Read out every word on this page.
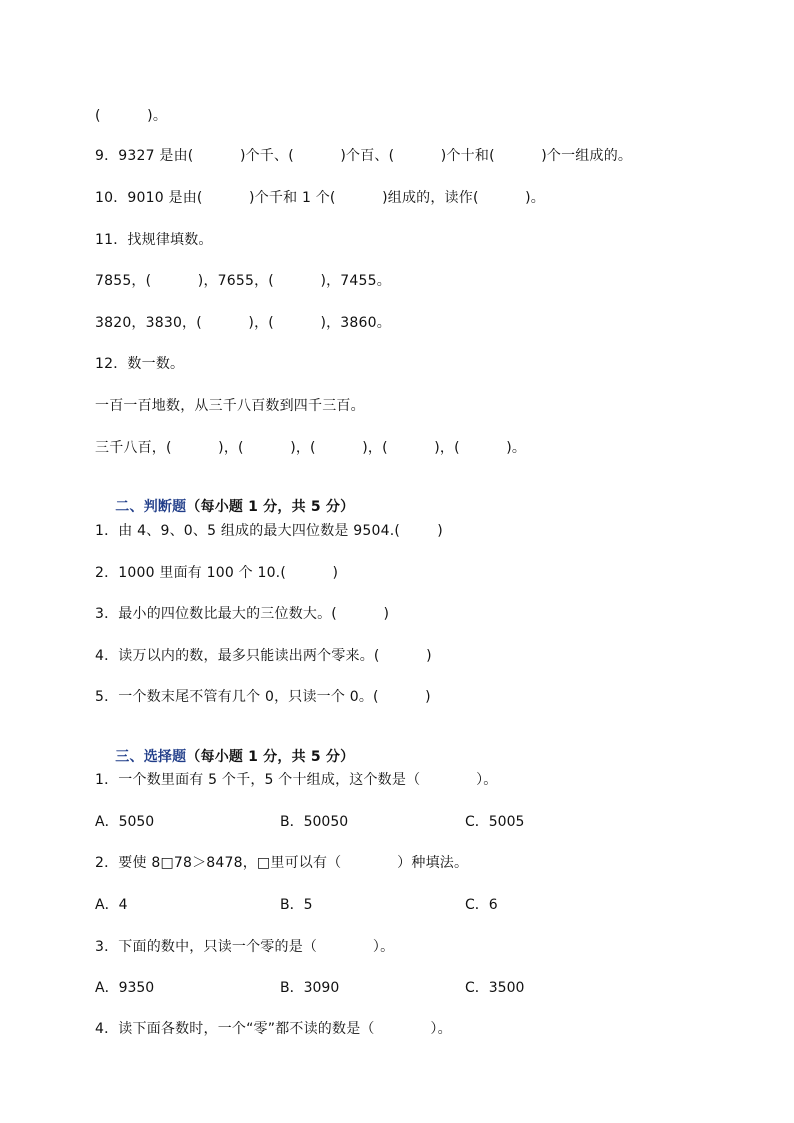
(          )。
9．9327 是由(          )个千、(          )个百、(          )个十和(          )个一组成的。
10．9010 是由(          )个千和 1 个(          )组成的，读作(          )。
11．找规律填数。
7855，(          )，7655，(          )，7455。
3820，3830，(          )，(          )，3860。
12．数一数。
一百一百地数，从三千八百数到四千三百。
三千八百，(          )，(          )，(          )，(          )，(          )。

二、判断题（每小题 1 分，共 5 分）

1．由 4、9、0、5 组成的最大四位数是 9504.(        )
2．1000 里面有 100 个 10.(          )
3．最小的四位数比最大的三位数大。(          )
4．读万以内的数，最多只能读出两个零来。(          )
5．一个数末尾不管有几个 0，只读一个 0。(          )

三、选择题（每小题 1 分，共 5 分）

1．一个数里面有 5 个千，5 个十组成，这个数是（            ）。
A．5050	B．50050	C．5005
2．要使 8□78＞8478，□里可以有（            ）种填法。
A．4	B．5	C．6
3．下面的数中，只读一个零的是（            ）。
A．9350	B．3090	C．3500
4．读下面各数时，一个“零”都不读的数是（            ）。
